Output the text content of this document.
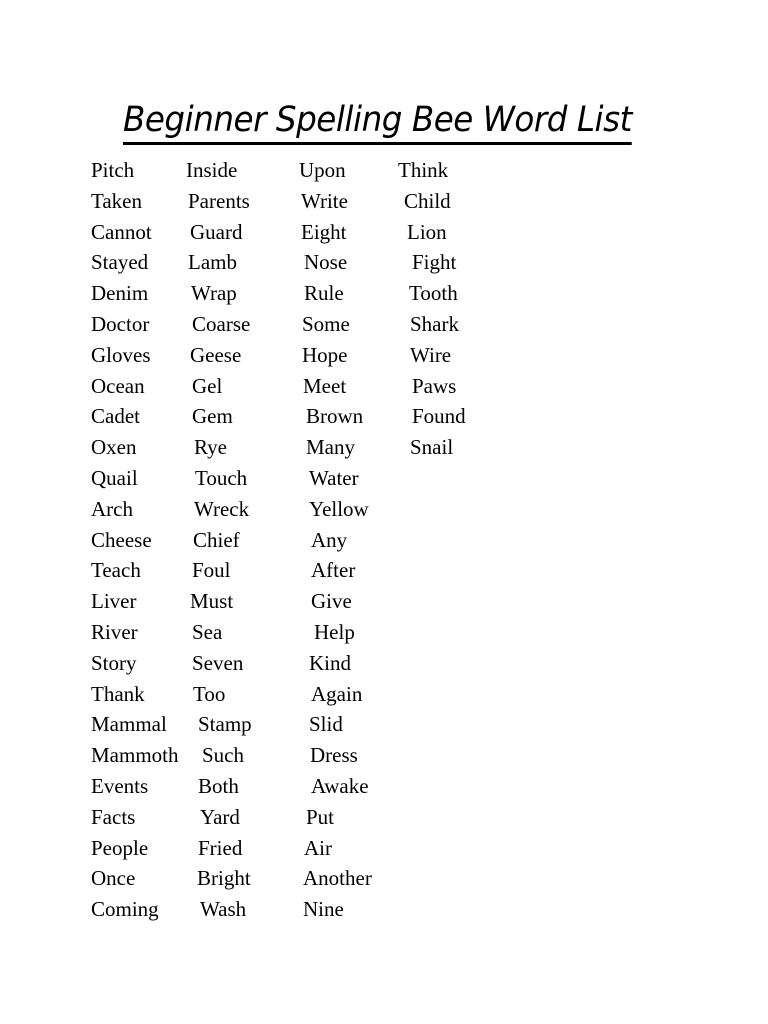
Beginner Spelling Bee Word List
Pitch
Taken
Cannot
Stayed
Denim
Doctor
Gloves
Ocean
Cadet
Oxen
Quail
Arch
Cheese
Teach
Liver
River
Story
Thank
Mammal
Mammoth
Events
Facts
People
Once
Coming
Inside
Parents
Guard
Lamb
Wrap
Coarse
Geese
Gel
Gem
Rye
Touch
Wreck
Chief
Foul
Must
Sea
Seven
Too
Stamp
Such
Both
Yard
Fried
Bright
Wash
Upon
Write
Eight
Nose
Rule
Some
Hope
Meet
Brown
Many
Water
Yellow
Any
After
Give
Help
Kind
Again
Slid
Dress
Awake
Put
Air
Another
Nine
Think
Child
Lion
Fight
Tooth
Shark
Wire
Paws
Found
Snail
